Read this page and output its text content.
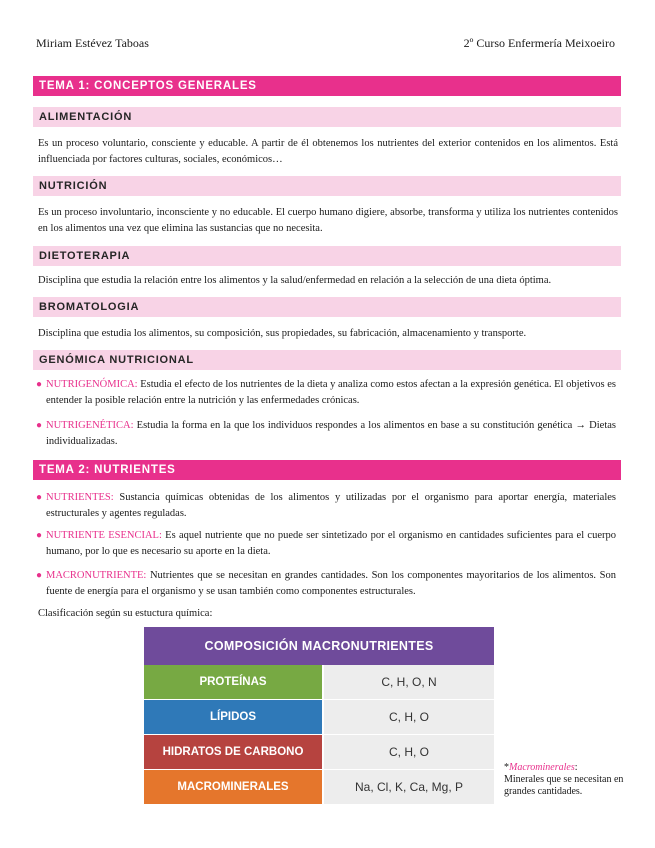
Miriam Estévez Taboas	2º Curso Enfermería Meixoeiro
TEMA 1: CONCEPTOS GENERALES
ALIMENTACIÓN
Es un proceso voluntario, consciente y educable. A partir de él obtenemos los nutrientes del exterior contenidos en los alimentos. Está influenciada por factores culturas, sociales, económicos…
NUTRICIÓN
Es un proceso involuntario, inconsciente y no educable. El cuerpo humano digiere, absorbe, transforma y utiliza los nutrientes contenidos en los alimentos una vez que elimina las sustancias que no necesita.
DIETOTERAPIA
Disciplina que estudia la relación entre los alimentos y la salud/enfermedad en relación a la selección de una dieta óptima.
BROMATOLOGIA
Disciplina que estudia los alimentos, su composición, sus propiedades, su fabricación, almacenamiento y transporte.
GENÓMICA NUTRICIONAL
● NUTRIGENÓMICA: Estudia el efecto de los nutrientes de la dieta y analiza como estos afectan a la expresión genética. El objetivos es entender la posible relación entre la nutrición y las enfermedades crónicas.
● NUTRIGENÉTICA: Estudia la forma en la que los individuos respondes a los alimentos en base a su constitución genética → Dietas individualizadas.
TEMA 2: NUTRIENTES
● NUTRIENTES: Sustancia químicas obtenidas de los alimentos y utilizadas por el organismo para aportar energía, materiales estructurales y agentes reguladas.
● NUTRIENTE ESENCIAL: Es aquel nutriente que no puede ser sintetizado por el organismo en cantidades suficientes para el cuerpo humano, por lo que es necesario su aporte en la dieta.
● MACRONUTRIENTE: Nutrientes que se necesitan en grandes cantidades. Son los componentes mayoritarios de los alimentos. Son fuente de energía para el organismo y se usan también como componentes estructurales.
Clasificación según su estuctura química:
COMPOSICIÓN MACRONUTRIENTES
PROTEÍNAS	C, H, O, N
LÍPIDOS	C, H, O
HIDRATOS DE CARBONO	C, H, O
MACROMINERALES	Na, Cl, K, Ca, Mg, P
*Macrominerales:
Minerales que se necesitan en grandes cantidades.
